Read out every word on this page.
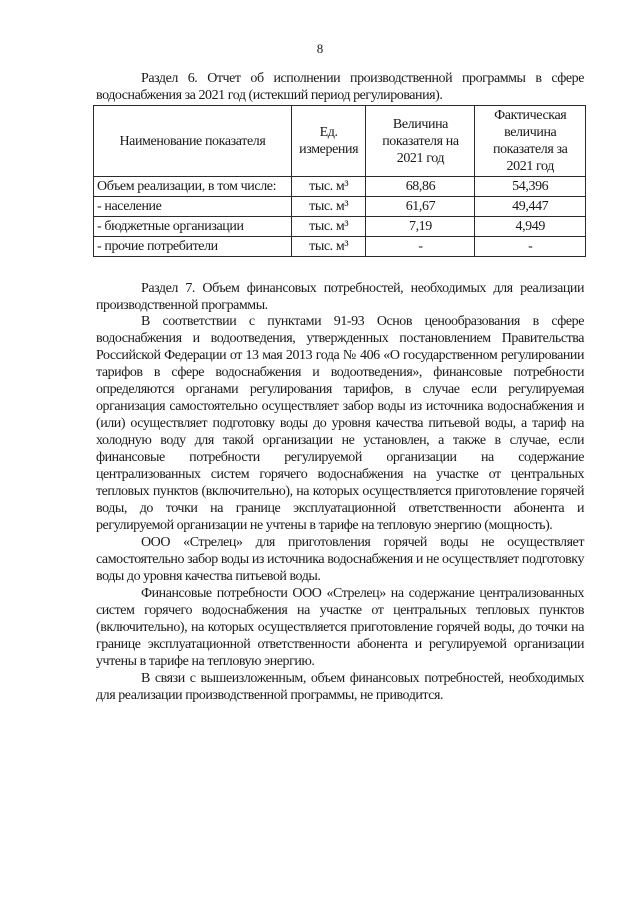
8

Раздел 6. Отчет об исполнении производственной программы в сфере водоснабжения за 2021 год (истекший период регулирования).

Наименование показателя	Ед. измерения	Величина показателя на 2021 год	Фактическая величина показателя за 2021 год
Объем реализации, в том числе:	тыс. м³	68,86	54,396
- население	тыс. м³	61,67	49,447
- бюджетные организации	тыс. м³	7,19	4,949
- прочие потребители	тыс. м³	-	-

Раздел 7. Объем финансовых потребностей, необходимых для реализации производственной программы.

В соответствии с пунктами 91-93 Основ ценообразования в сфере водоснабжения и водоотведения, утвержденных постановлением Правительства Российской Федерации от 13 мая 2013 года № 406 «О государственном регулировании тарифов в сфере водоснабжения и водоотведения», финансовые потребности определяются органами регулирования тарифов, в случае если регулируемая организация самостоятельно осуществляет забор воды из источника водоснабжения и (или) осуществляет подготовку воды до уровня качества питьевой воды, а тариф на холодную воду для такой организации не установлен, а также в случае, если финансовые потребности регулируемой организации на содержание централизованных систем горячего водоснабжения на участке от центральных тепловых пунктов (включительно), на которых осуществляется приготовление горячей воды, до точки на границе эксплуатационной ответственности абонента и регулируемой организации не учтены в тарифе на тепловую энергию (мощность).

ООО «Стрелец» для приготовления горячей воды не осуществляет самостоятельно забор воды из источника водоснабжения и не осуществляет подготовку воды до уровня качества питьевой воды.

Финансовые потребности ООО «Стрелец» на содержание централизованных систем горячего водоснабжения на участке от центральных тепловых пунктов (включительно), на которых осуществляется приготовление горячей воды, до точки на границе эксплуатационной ответственности абонента и регулируемой организации учтены в тарифе на тепловую энергию.

В связи с вышеизложенным, объем финансовых потребностей, необходимых для реализации производственной программы, не приводится.
